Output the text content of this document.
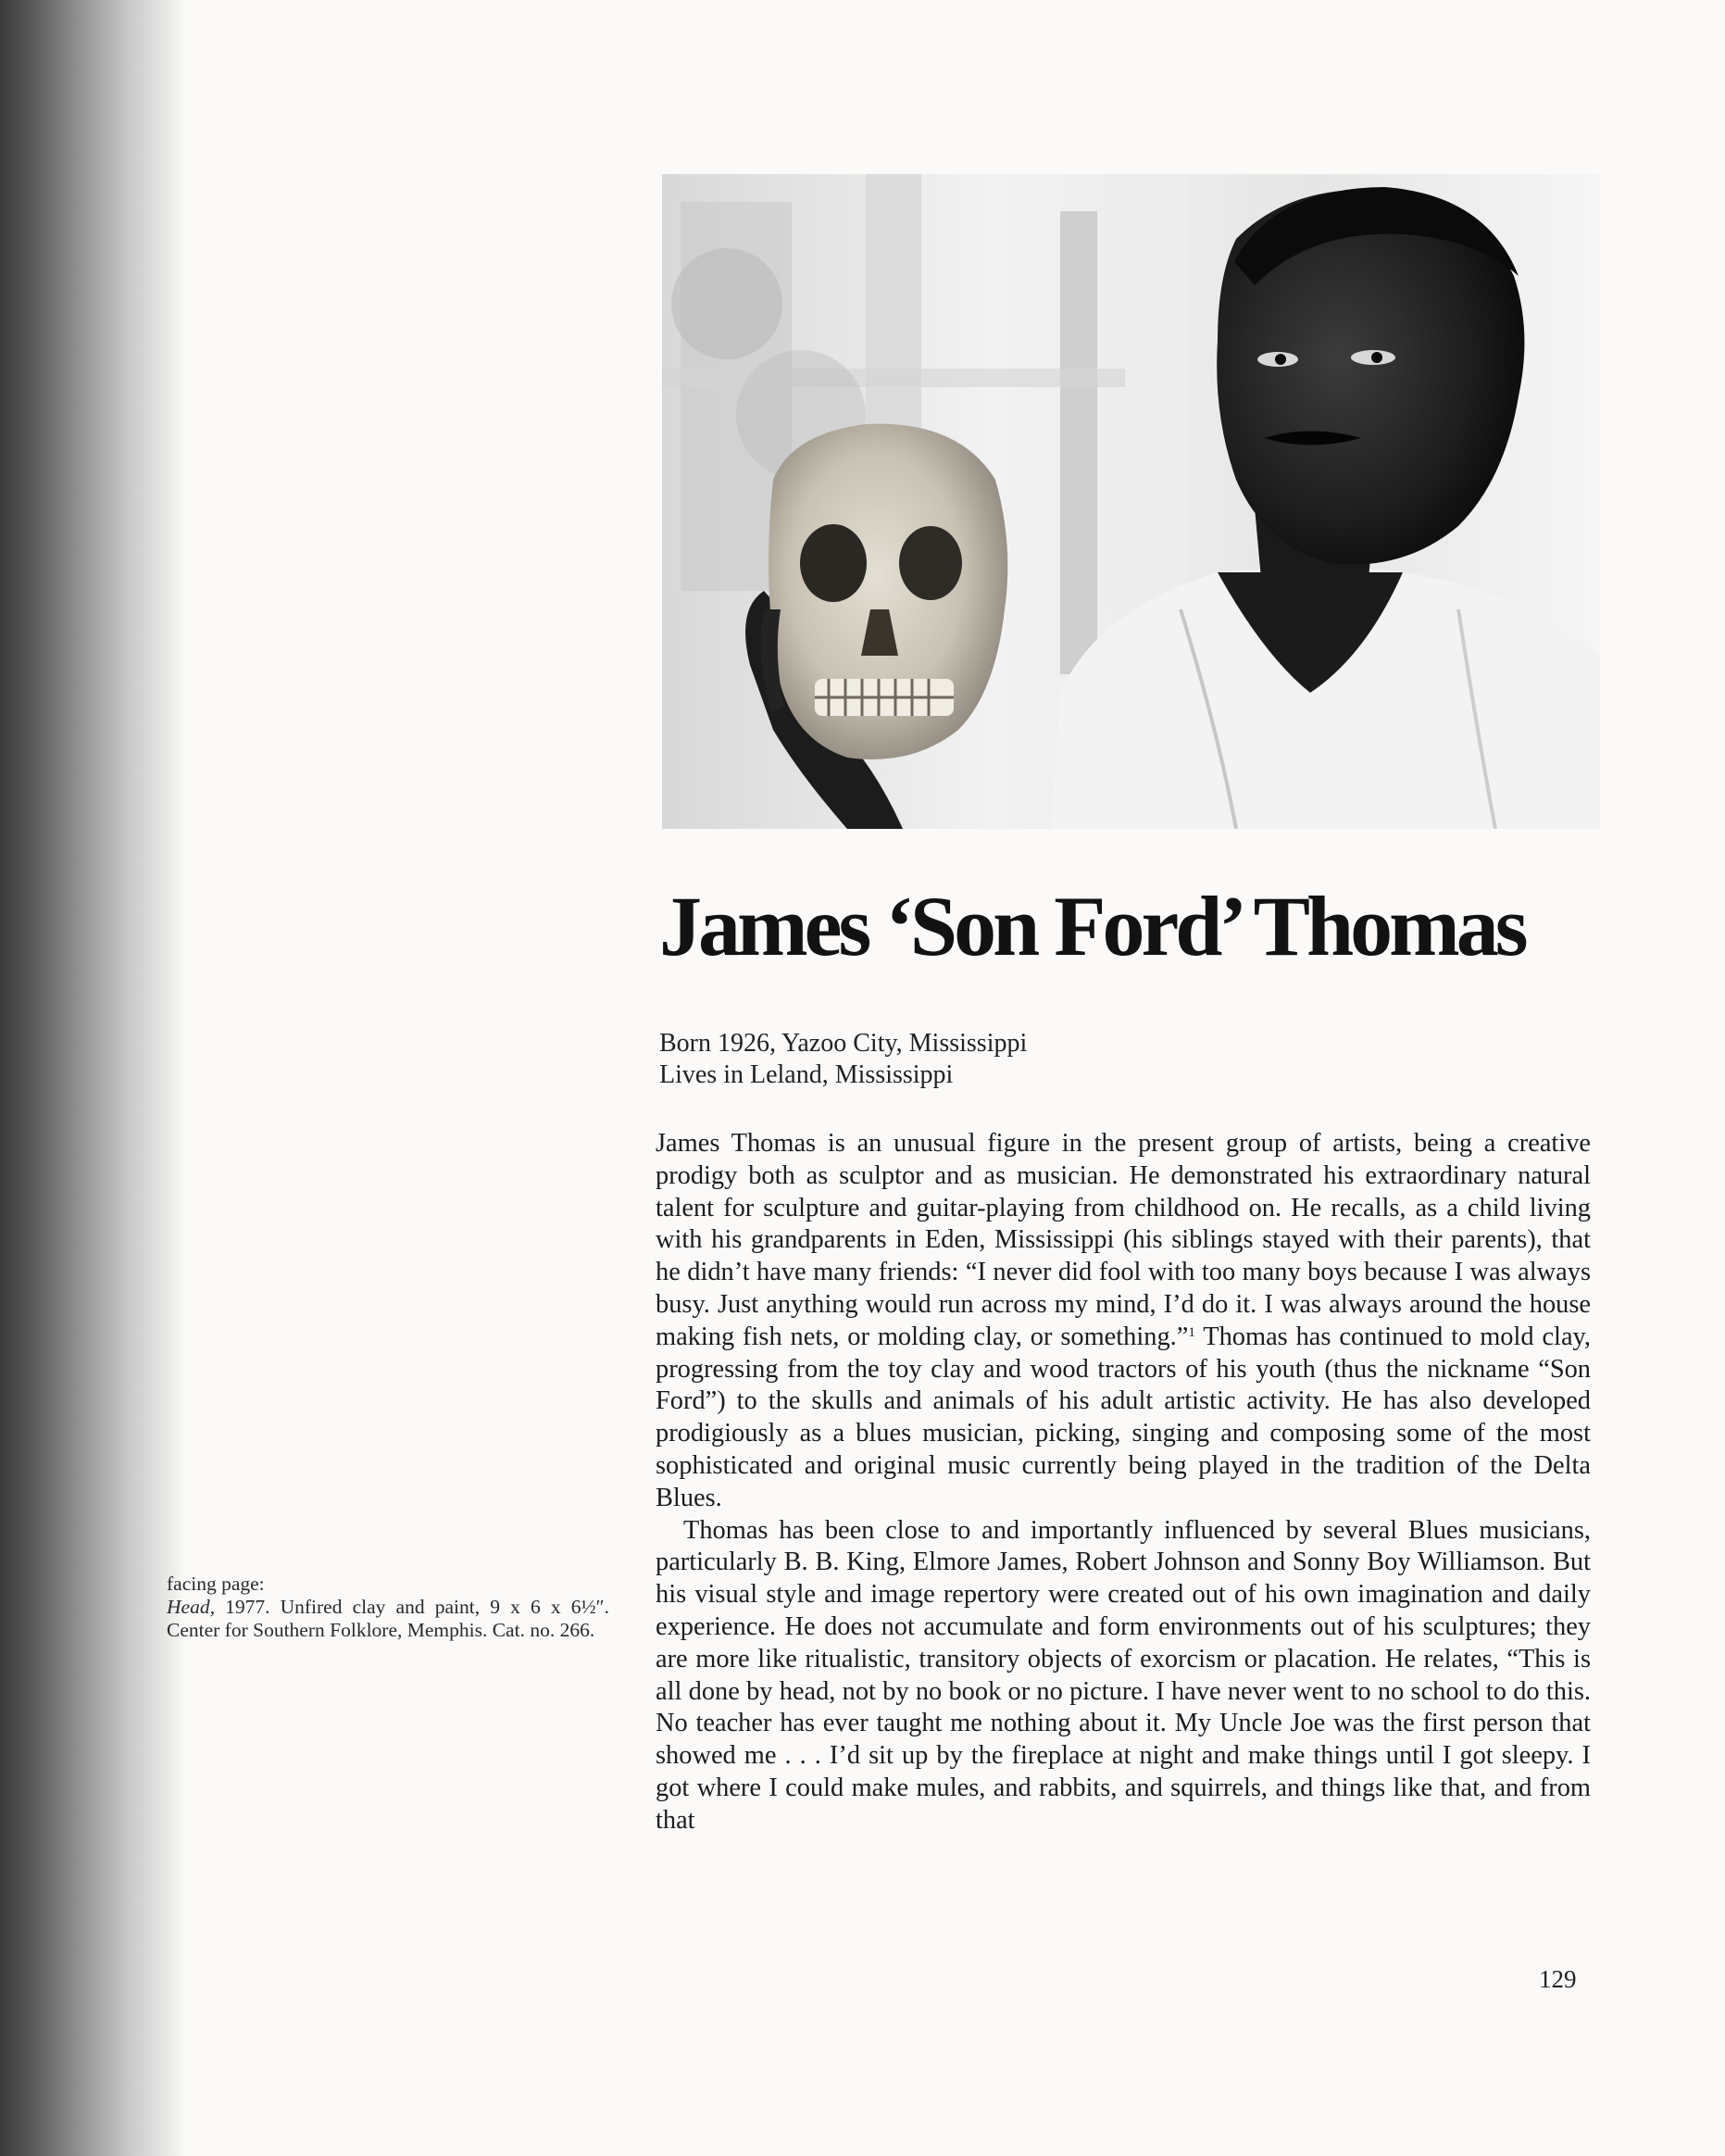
James ‘Son Ford’ Thomas
Born 1926, Yazoo City, Mississippi
Lives in Leland, Mississippi

James Thomas is an unusual figure in the present group of artists, being a creative prodigy both as sculptor and as musician. He demonstrated his extraordinary natural talent for sculpture and guitar-playing from childhood on. He recalls, as a child living with his grandparents in Eden, Mississippi (his siblings stayed with their parents), that he didn’t have many friends: “I never did fool with too many boys because I was always busy. Just anything would run across my mind, I’d do it. I was always around the house making fish nets, or molding clay, or something.”$^1$ Thomas has continued to mold clay, progressing from the toy clay and wood tractors of his youth (thus the nickname “Son Ford”) to the skulls and animals of his adult artistic activity. He has also developed prodigiously as a blues musician, picking, singing and composing some of the most sophisticated and original music currently being played in the tradition of the Delta Blues.

Thomas has been close to and importantly influenced by several Blues musicians, particularly B. B. King, Elmore James, Robert Johnson and Sonny Boy Williamson. But his visual style and image repertory were created out of his own imagination and daily experience. He does not accumulate and form environments out of his sculptures; they are more like ritualistic, transitory objects of exorcism or placation. He relates, “This is all done by head, not by no book or no picture. I have never went to no school to do this. No teacher has ever taught me nothing about it. My Uncle Joe was the first person that showed me . . . I’d sit up by the fireplace at night and make things until I got sleepy. I got where I could make mules, and rabbits, and squirrels, and things like that, and from that

facing page:
Head, 1977. Unfired clay and paint, 9 x 6 x 6½″. Center for Southern Folklore, Memphis. Cat. no. 266.
129
